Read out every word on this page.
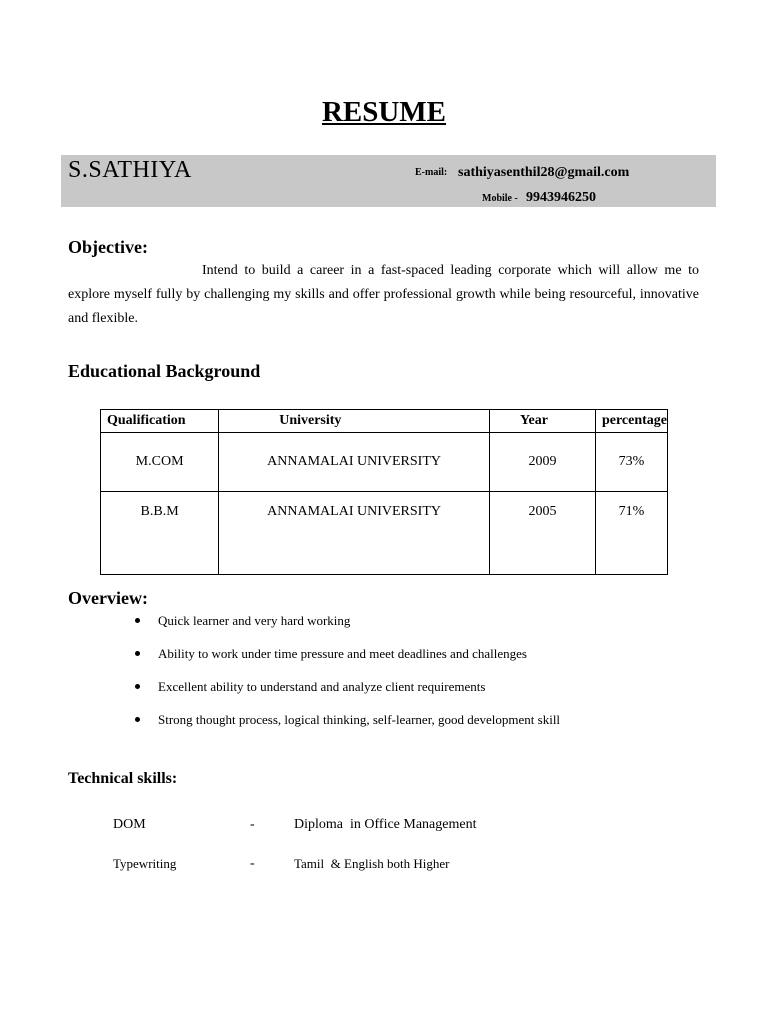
RESUME
S.SATHIYA	E-mail: sathiyasenthil28@gmail.com
Mobile - 9943946250
Objective:
Intend to build a career in a fast-spaced leading corporate which will allow me to explore myself fully by challenging my skills and offer professional growth while being resourceful, innovative and flexible.
Educational Background
Qualification	University	Year	percentage
M.COM	ANNAMALAI UNIVERSITY	2009	73%
B.B.M	ANNAMALAI UNIVERSITY	2005	71%
Overview:
Quick learner and very hard working
Ability to work under time pressure and meet deadlines and challenges
Excellent ability to understand and analyze client requirements
Strong thought process, logical thinking, self-learner, good development skill
Technical skills:
DOM	-	Diploma  in Office Management
Typewriting	-	Tamil  & English both Higher
